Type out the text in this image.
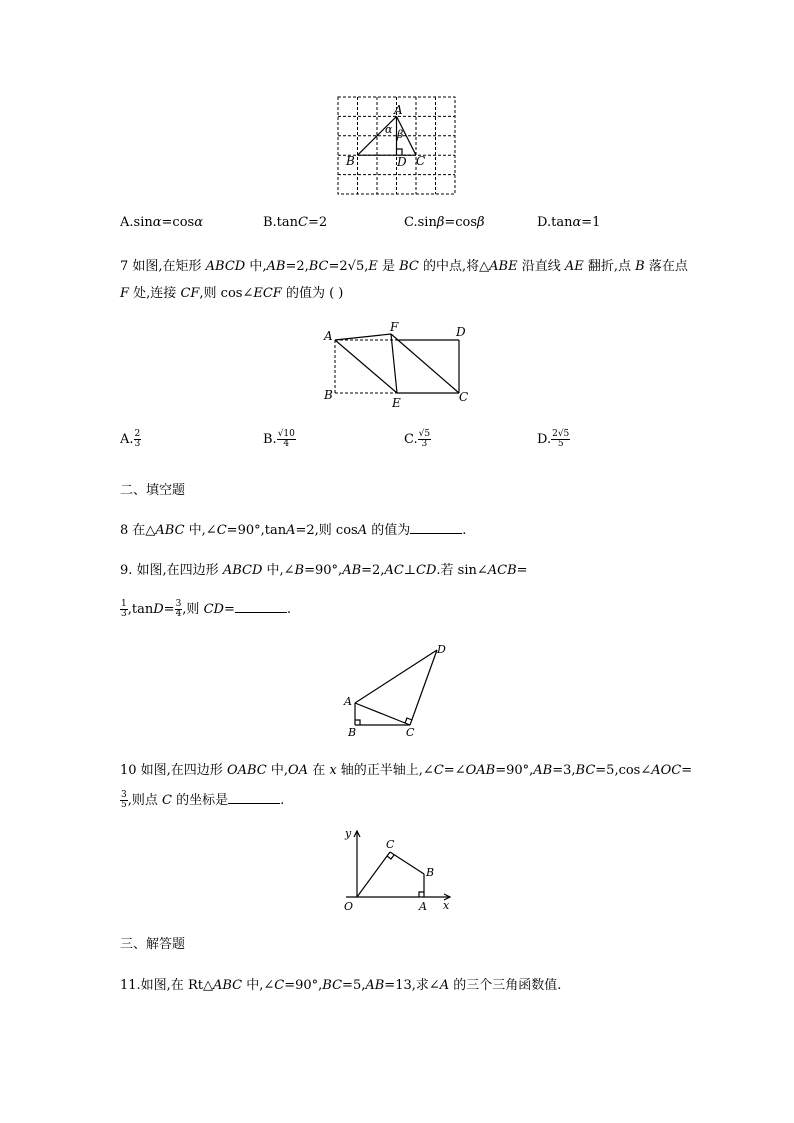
A
B	D C
α β
A.sinα=cosα	B.tanC=2	C.sinβ=cosβ	D.tanα=1
7 如图,在矩形 ABCD 中,AB=2,BC=2√5,E 是 BC 的中点,将△ABE 沿直线 AE 翻折,点 B 落在点
F 处,连接 CF,则 cos∠ECF 的值为 ( )
A
F	D
B
E	C
A. $\frac{2}{3}$	B. $\frac{√10}{4}$	C. $\frac{√5}{3}$	D. $\frac{2√5}{5}$
二、填空题
8 在△ABC 中,∠C=90°,tanA=2,则 cosA 的值为	.
9. 如图,在四边形 ABCD 中,∠B=90°,AB=2,AC⊥CD.若 sin∠ACB=
$\frac{1}{3} ,\tan D= \frac{3}{4}$ ,则 CD=	.
D
A
B	C
10 如图,在四边形 OABC 中,OA 在 x 轴的正半轴上,∠C=∠OAB=90°,AB=3,BC=5,cos∠AOC=
$\frac{3}{5}$ ,则点 C 的坐标是	.
y
x
O	A
B
C
三、解答题
11.如图,在 Rt△ABC 中,∠C=90°,BC=5,AB=13,求∠A 的三个三角函数值.
